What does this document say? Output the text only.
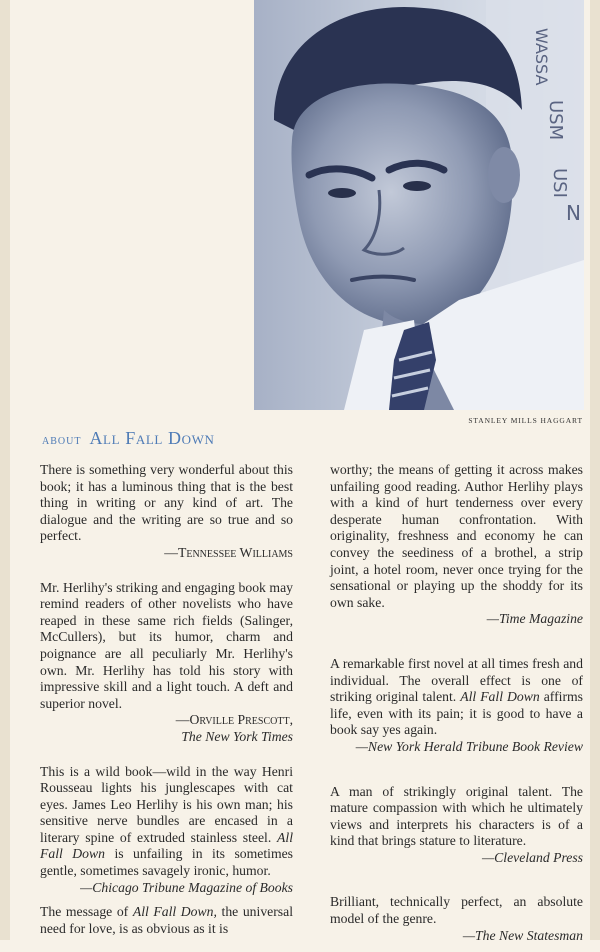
WASSA
USM
USI
N
STANLEY MILLS HAGGART
about All Fall Down

There is something very wonderful about this book; it has a luminous thing that is the best thing in writing or any kind of art. The dialogue and the writing are so true and so perfect.

—Tennessee Williams

Mr. Herlihy's striking and engaging book may remind readers of other novelists who have reaped in these same rich fields (Salinger, McCullers), but its humor, charm and poignance are all peculiarly Mr. Herlihy's own. Mr. Herlihy has told his story with impressive skill and a light touch. A deft and superior novel.

—Orville Prescott,
The New York Times

This is a wild book—wild in the way Henri Rousseau lights his junglescapes with cat eyes. James Leo Herlihy is his own man; his sensitive nerve bundles are encased in a literary spine of extruded stainless steel. All Fall Down is unfailing in its sometimes gentle, sometimes savagely ironic, humor.

—Chicago Tribune Magazine of Books

The message of All Fall Down, the universal need for love, is as obvious as it is

worthy; the means of getting it across makes unfailing good reading. Author Herlihy plays with a kind of hurt tenderness over every desperate human confrontation. With originality, freshness and economy he can convey the seediness of a brothel, a strip joint, a hotel room, never once trying for the sensational or playing up the shoddy for its own sake.

—Time Magazine

A remarkable first novel at all times fresh and individual. The overall effect is one of striking original talent. All Fall Down affirms life, even with its pain; it is good to have a book say yes again.

—New York Herald Tribune Book Review

A man of strikingly original talent. The mature compassion with which he ultimately views and interprets his characters is of a kind that brings stature to literature.

—Cleveland Press

Brilliant, technically perfect, an absolute model of the genre.

—The New Statesman
